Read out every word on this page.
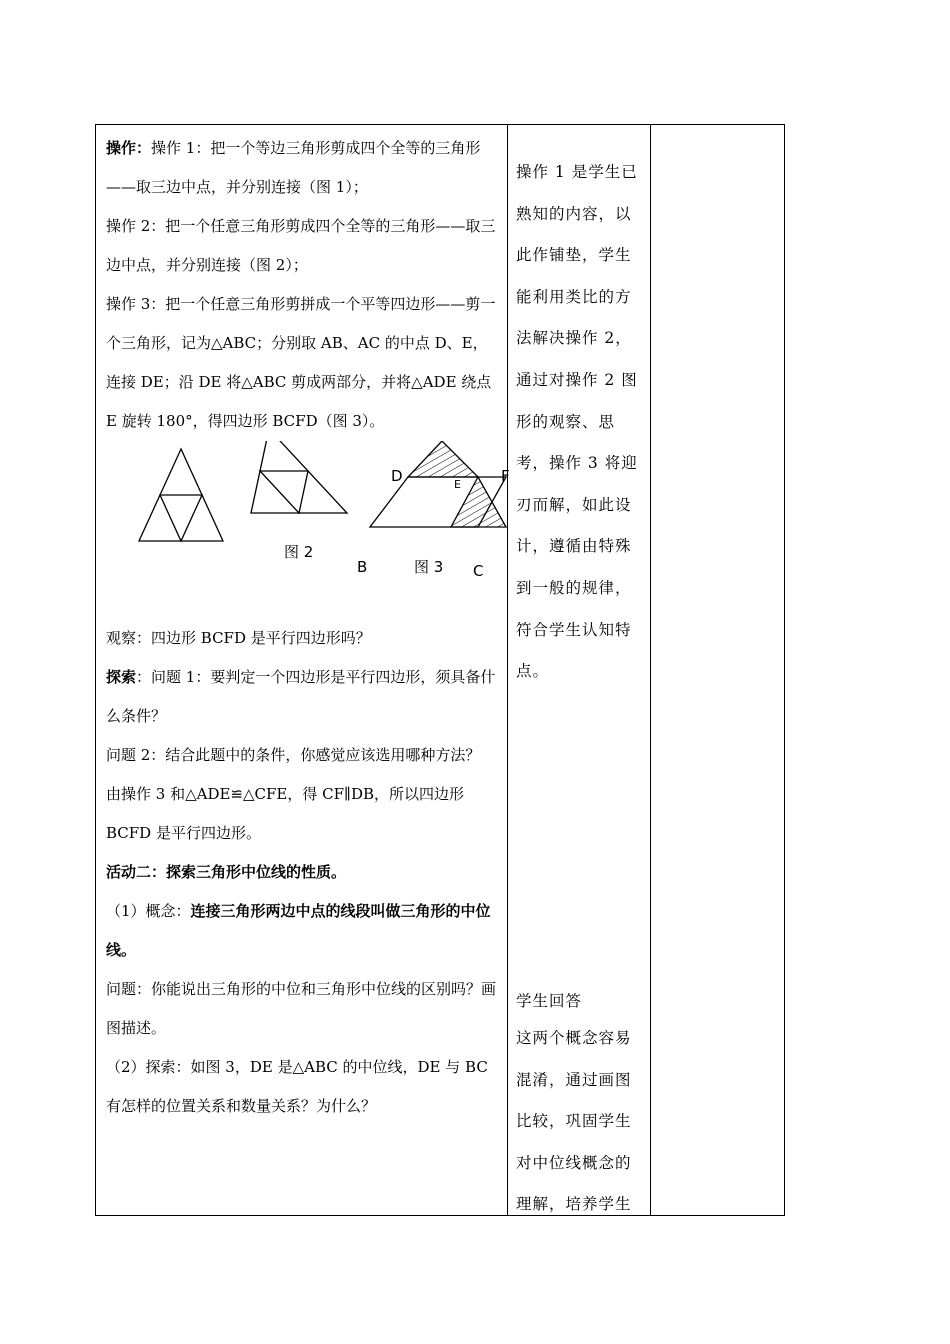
操作：操作 1：把一个等边三角形剪成四个全等的三角形——取三边中点，并分别连接（图 1）；

操作 2：把一个任意三角形剪成四个全等的三角形——取三边中点，并分别连接（图 2）；

操作 3：把一个任意三角形剪拼成一个平等四边形——剪一个三角形，记为△ABC；分别取 AB、AC 的中点 D、E，连接 DE；沿 DE 将△ABC 剪成两部分，并将△ADE 绕点 E 旋转 180°，得四边形 BCFD（图 3）。

图 2
图 3
D	E	F
B	C

观察：四边形 BCFD 是平行四边形吗？

探索：问题 1：要判定一个四边形是平行四边形，须具备什么条件？

问题 2：结合此题中的条件，你感觉应该选用哪种方法？

由操作 3 和△ADE≌△CFE，得 CF∥DB，所以四边形 BCFD 是平行四边形。

活动二：探索三角形中位线的性质。

（1）概念：连接三角形两边中点的线段叫做三角形的中位线。

问题：你能说出三角形的中位和三角形中位线的区别吗？画图描述。

（2）探索：如图 3，DE 是△ABC 的中位线，DE 与 BC 有怎样的位置关系和数量关系？为什么？

操作 1 是学生已熟知的内容，以此作铺垫，学生能利用类比的方法解决操作 2，通过对操作 2 图形的观察、思考，操作 3 将迎刃而解，如此设计，遵循由特殊到一般的规律，符合学生认知特点。
学生回答
这两个概念容易混淆，通过画图比较，巩固学生对中位线概念的理解，培养学生
